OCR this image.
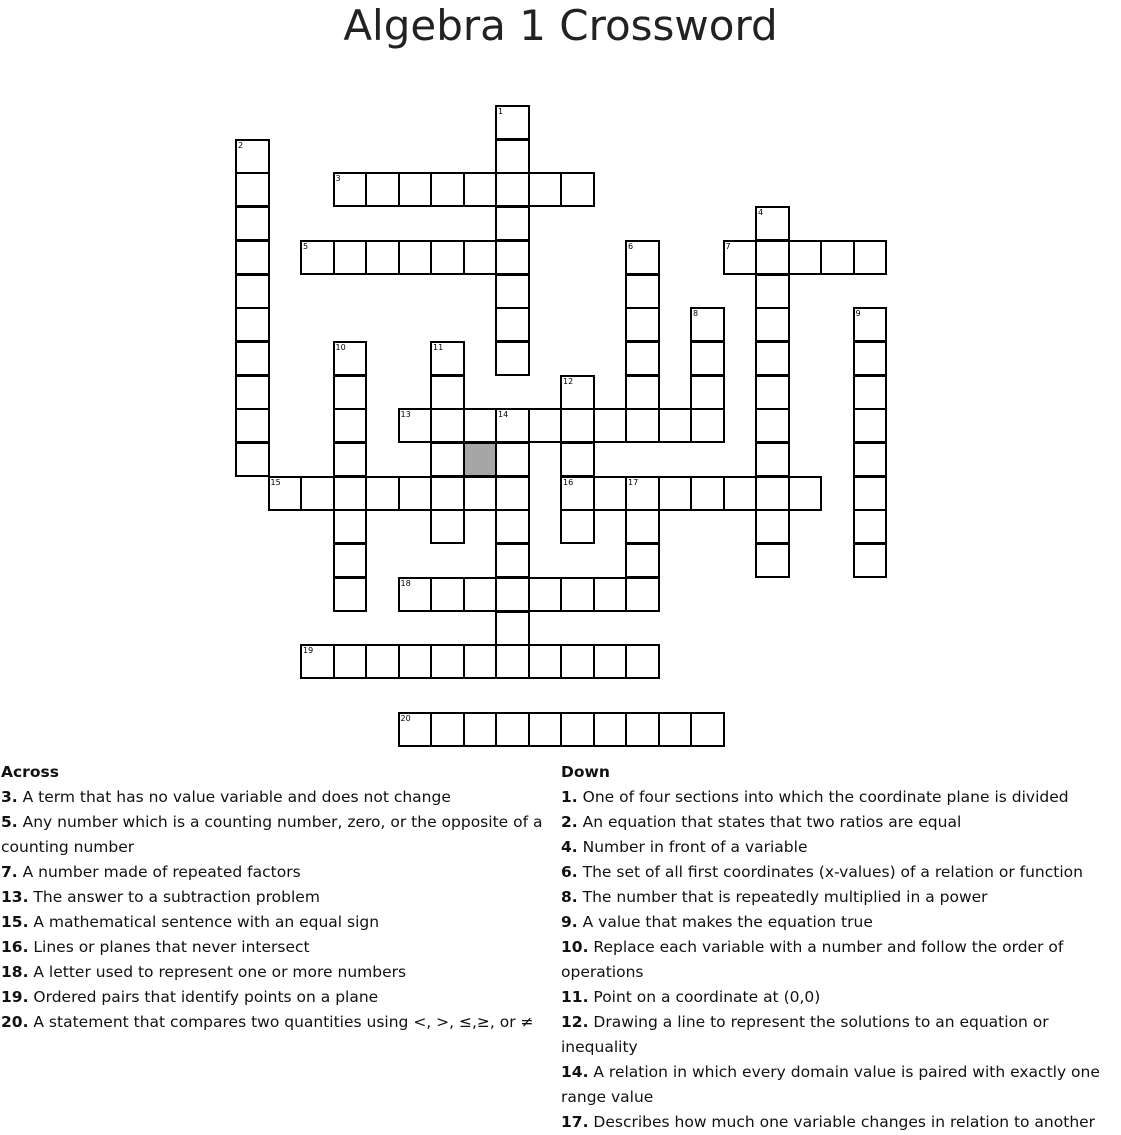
Algebra 1 Crossword
1
2
4
6
8	9
10	11
12
16
14
17
3
5	7
13
15
18
19
20
Across
3. A term that has no value variable and does not change
5. Any number which is a counting number, zero, or the opposite of a counting number
7. A number made of repeated factors
13. The answer to a subtraction problem
15. A mathematical sentence with an equal sign
16. Lines or planes that never intersect
18. A letter used to represent one or more numbers
19. Ordered pairs that identify points on a plane
20. A statement that compares two quantities using <, >, ≤,≥, or ≠
Down
1. One of four sections into which the coordinate plane is divided
2. An equation that states that two ratios are equal
4. Number in front of a variable
6. The set of all first coordinates (x-values) of a relation or function
8. The number that is repeatedly multiplied in a power
9. A value that makes the equation true
10. Replace each variable with a number and follow the order of operations
11. Point on a coordinate at (0,0)
12. Drawing a line to represent the solutions to an equation or inequality
14. A relation in which every domain value is paired with exactly one range value
17. Describes how much one variable changes in relation to another
